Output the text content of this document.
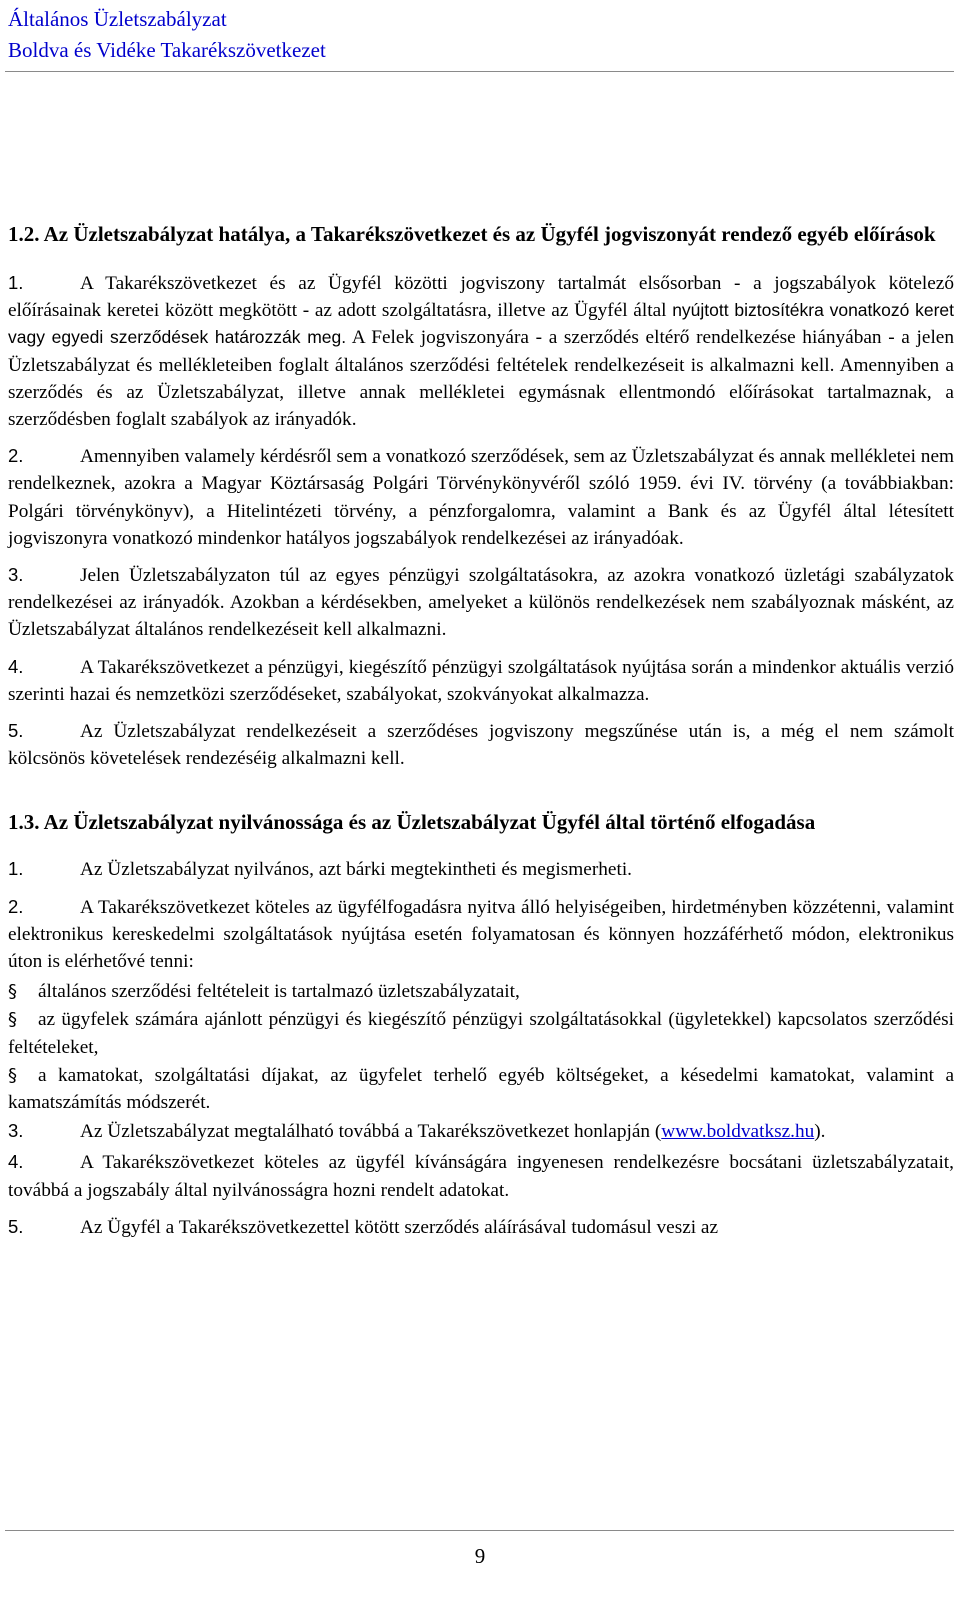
Általános Üzletszabályzat
Boldva és Vidéke Takarékszövetkezet
1.2. Az Üzletszabályzat hatálya, a Takarékszövetkezet és az Ügyfél jogviszonyát rendező egyéb előírások

1.	A Takarékszövetkezet és az Ügyfél közötti jogviszony tartalmát elsősorban - a jogszabályok kötelező előírásainak keretei között megkötött - az adott szolgáltatásra, illetve az Ügyfél által nyújtott biztosítékra vonatkozó keret vagy egyedi szerződések határozzák meg. A Felek jogviszonyára - a szerződés eltérő rendelkezése hiányában - a jelen Üzletszabályzat és mellékleteiben foglalt általános szerződési feltételek rendelkezéseit is alkalmazni kell. Amennyiben a szerződés és az Üzletszabályzat, illetve annak mellékletei egymásnak ellentmondó előírásokat tartalmaznak, a szerződésben foglalt szabályok az irányadók.

2.	Amennyiben valamely kérdésről sem a vonatkozó szerződések, sem az Üzletszabályzat és annak mellékletei nem rendelkeznek, azokra a Magyar Köztársaság Polgári Törvénykönyvéről szóló 1959. évi IV. törvény (a továbbiakban: Polgári törvénykönyv), a Hitelintézeti törvény, a pénzforgalomra, valamint a Bank és az Ügyfél által létesített jogviszonyra vonatkozó mindenkor hatályos jogszabályok rendelkezései az irányadóak.

3.	Jelen Üzletszabályzaton túl az egyes pénzügyi szolgáltatásokra, az azokra vonatkozó üzletági szabályzatok rendelkezései az irányadók. Azokban a kérdésekben, amelyeket a különös rendelkezések nem szabályoznak másként, az Üzletszabályzat általános rendelkezéseit kell alkalmazni.

4.	A Takarékszövetkezet a pénzügyi, kiegészítő pénzügyi szolgáltatások nyújtása során a mindenkor aktuális verzió szerinti hazai és nemzetközi szerződéseket, szabályokat, szokványokat alkalmazza.

5.	Az Üzletszabályzat rendelkezéseit a szerződéses jogviszony megszűnése után is, a még el nem számolt kölcsönös követelések rendezéséig alkalmazni kell.

1.3. Az Üzletszabályzat nyilvánossága és az Üzletszabályzat Ügyfél által történő elfogadása

1.	Az Üzletszabályzat nyilvános, azt bárki megtekintheti és megismerheti.

2.	A Takarékszövetkezet köteles az ügyfélfogadásra nyitva álló helyiségeiben, hirdetményben közzétenni, valamint elektronikus kereskedelmi szolgáltatások nyújtása esetén folyamatosan és könnyen hozzáférhető módon, elektronikus úton is elérhetővé tenni:

§ általános szerződési feltételeit is tartalmazó üzletszabályzatait,
§ az ügyfelek számára ajánlott pénzügyi és kiegészítő pénzügyi szolgáltatásokkal (ügyletekkel) kapcsolatos szerződési feltételeket,
§ a kamatokat, szolgáltatási díjakat, az ügyfelet terhelő egyéb költségeket, a késedelmi kamatokat, valamint a kamatszámítás módszerét.

3.	Az Üzletszabályzat megtalálható továbbá a Takarékszövetkezet honlapján (www.boldvatksz.hu).

4.	A Takarékszövetkezet köteles az ügyfél kívánságára ingyenesen rendelkezésre bocsátani üzletszabályzatait, továbbá a jogszabály által nyilvánosságra hozni rendelt adatokat.

5.	Az Ügyfél a Takarékszövetkezettel kötött szerződés aláírásával tudomásul veszi az

9
